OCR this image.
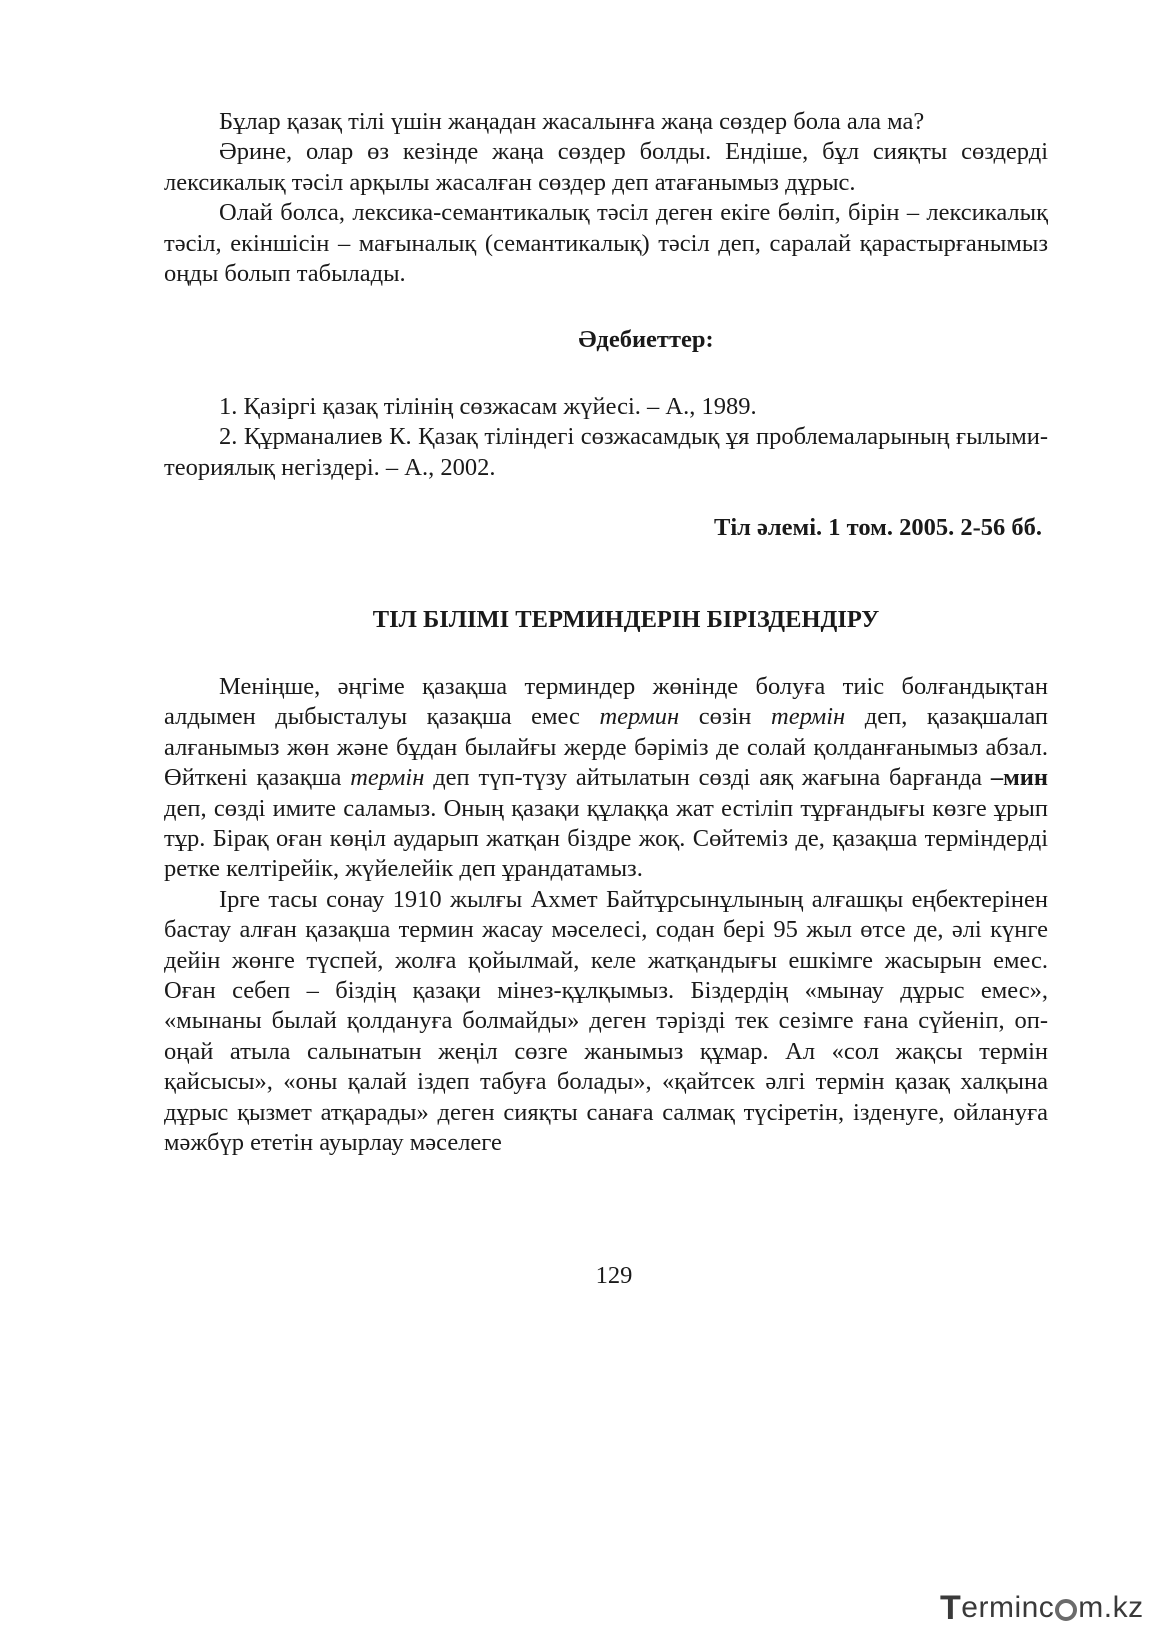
Бұлар қазақ тілі үшін жаңадан жасалынға жаңа сөздер бола ала ма?

Әрине, олар өз кезінде жаңа сөздер болды. Ендіше, бұл сияқты сөздерді лексикалық тәсіл арқылы жасалған сөздер деп атағанымыз дұрыс.

Олай болса, лексика-семантикалық тәсіл деген екіге бөліп, бірін – лексикалық тәсіл, екіншісін – мағыналық (семантикалық) тәсіл деп, саралай қарастырғанымыз оңды болып табылады.

Әдебиеттер:

1. Қазіргі қазақ тілінің сөзжасам жүйесі. – А., 1989.

2. Құрманалиев К. Қазақ тіліндегі сөзжасамдық ұя проблемаларының ғылыми-теориялық негіздері. – А., 2002.

Тіл әлемі. 1 том. 2005. 2-56 бб.

ТІЛ БІЛІМІ ТЕРМИНДЕРІН БІРІЗДЕНДІРУ

Меніңше, әңгіме қазақша терминдер жөнінде болуға тиіс болғандықтан алдымен дыбысталуы қазақша емес термин сөзін термін деп, қазақшалап алғанымыз жөн және бұдан былайғы жерде бәріміз де солай қолданғанымыз абзал. Өйткені қазақша термін деп түп-түзу айтылатын сөзді аяқ жағына барғанда –мин деп, сөзді имите саламыз. Оның қазақи құлаққа жат естіліп тұрғандығы көзге ұрып тұр. Бірақ оған көңіл аударып жатқан біздре жоқ. Сөйтеміз де, қазақша терміндерді ретке келтірейік, жүйелейік деп ұрандатамыз.

Ірге тасы сонау 1910 жылғы Ахмет Байтұрсынұлының алғашқы еңбектерінен бастау алған қазақша термин жасау мәселесі, содан бері 95 жыл өтсе де, әлі күнге дейін жөнге түспей, жолға қойылмай, келе жатқандығы ешкімге жасырын емес. Оған себеп – біздің қазақи мінез-құлқымыз. Біздердің «мынау дұрыс емес», «мынаны былай қолдануға болмайды» деген тәрізді тек сезімге ғана сүйеніп, оп-оңай атыла салынатын жеңіл сөзге жанымыз құмар. Ал «сол жақсы термін қайсысы», «оны қалай іздеп табуға болады», «қайтсек әлгі термін қазақ халқына дұрыс қызмет атқарады» деген сияқты санаға салмақ түсіретін, ізденуге, ойлануға мәжбүр ететін ауырлау мәселеге

129
T erminc m.kz
